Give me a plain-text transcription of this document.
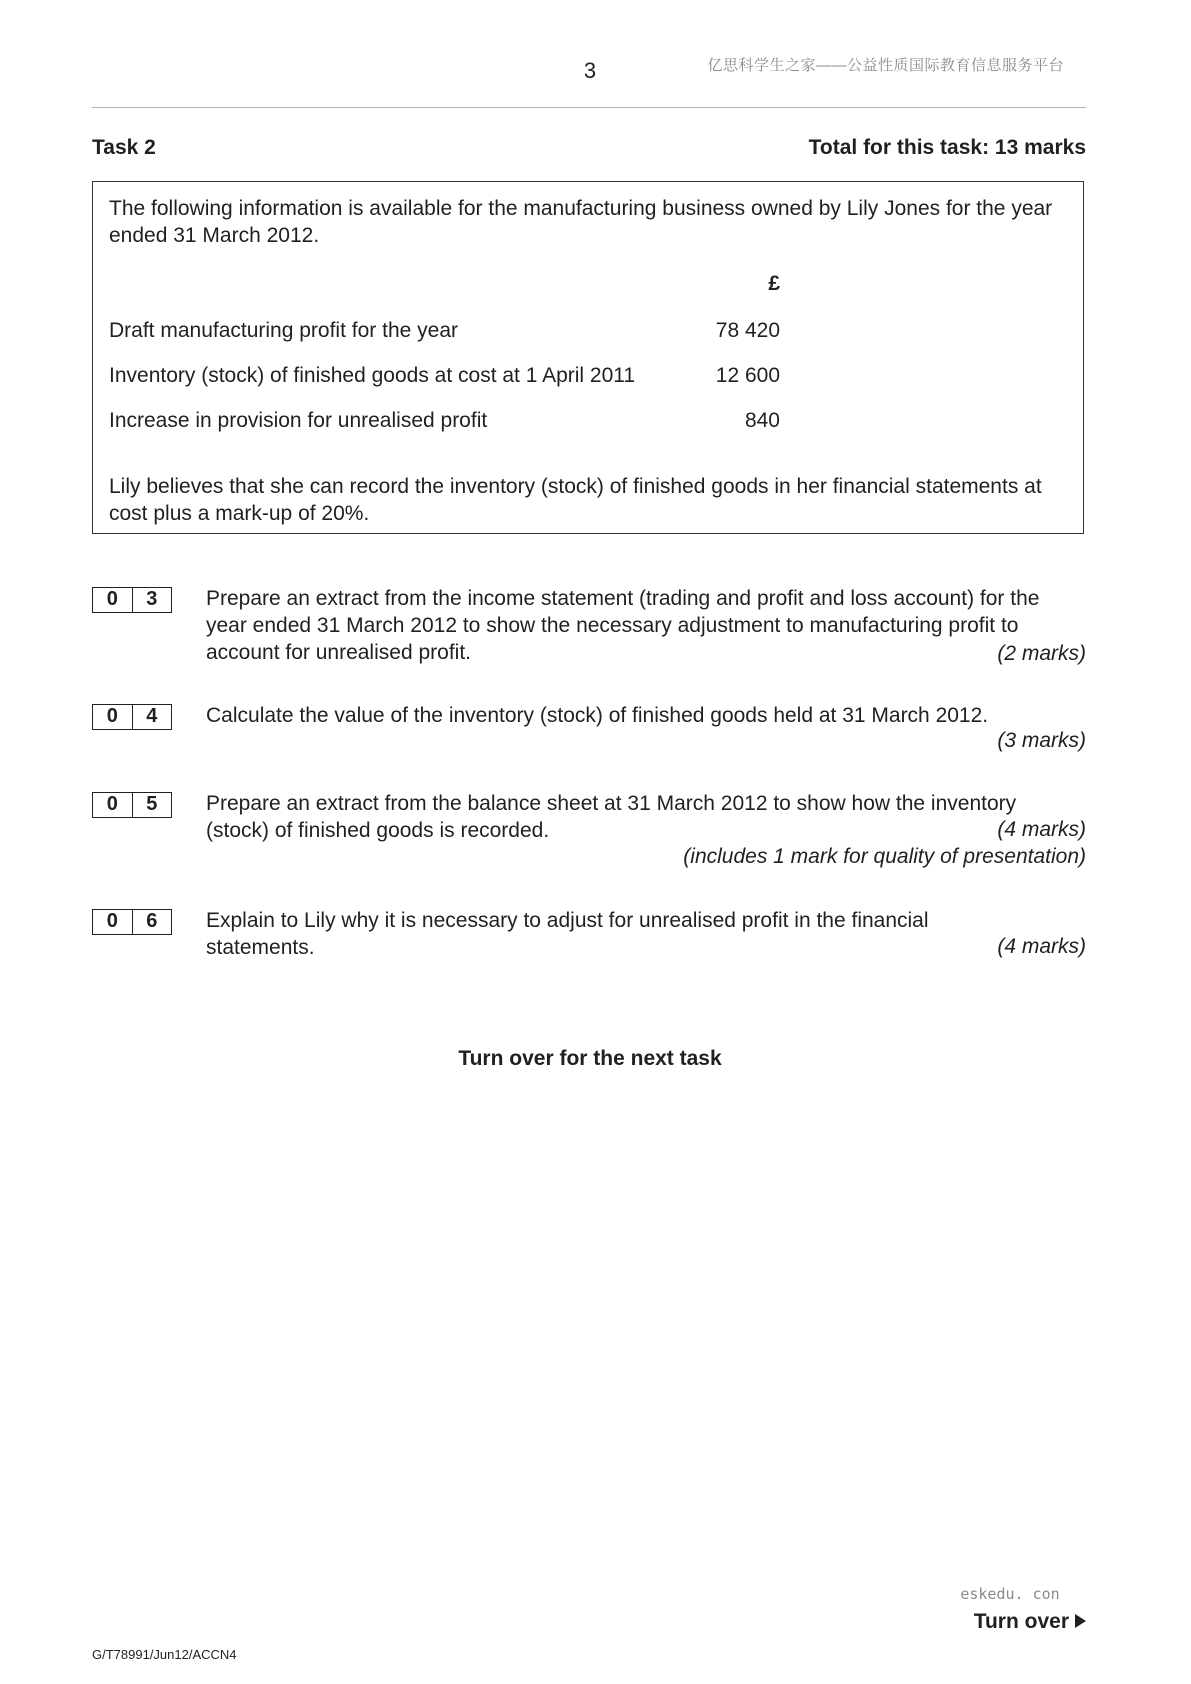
3	亿思科学生之家——公益性质国际教育信息服务平台
Task 2	Total for this task: 13 marks
The following information is available for the manufacturing business owned by Lily Jones for the year ended 31 March 2012.
£
Draft manufacturing profit for the year	78 420
Inventory (stock) of finished goods at cost at 1 April 2011	12 600
Increase in provision for unrealised profit	840
Lily believes that she can record the inventory (stock) of finished goods in her financial statements at cost plus a mark-up of 20%.
0	3	Prepare an extract from the income statement (trading and profit and loss account) for the year ended 31 March 2012 to show the necessary adjustment to manufacturing profit to account for unrealised profit.	(2 marks)
0	4	Calculate the value of the inventory (stock) of finished goods held at 31 March 2012.
(3 marks)
0	5	Prepare an extract from the balance sheet at 31 March 2012 to show how the inventory (stock) of finished goods is recorded.	(4 marks)
(includes 1 mark for quality of presentation)
0	6	Explain to Lily why it is necessary to adjust for unrealised profit in the financial statements.	(4 marks)
Turn over for the next task
eskedu. con
Turn over
G/T78991/Jun12/ACCN4
